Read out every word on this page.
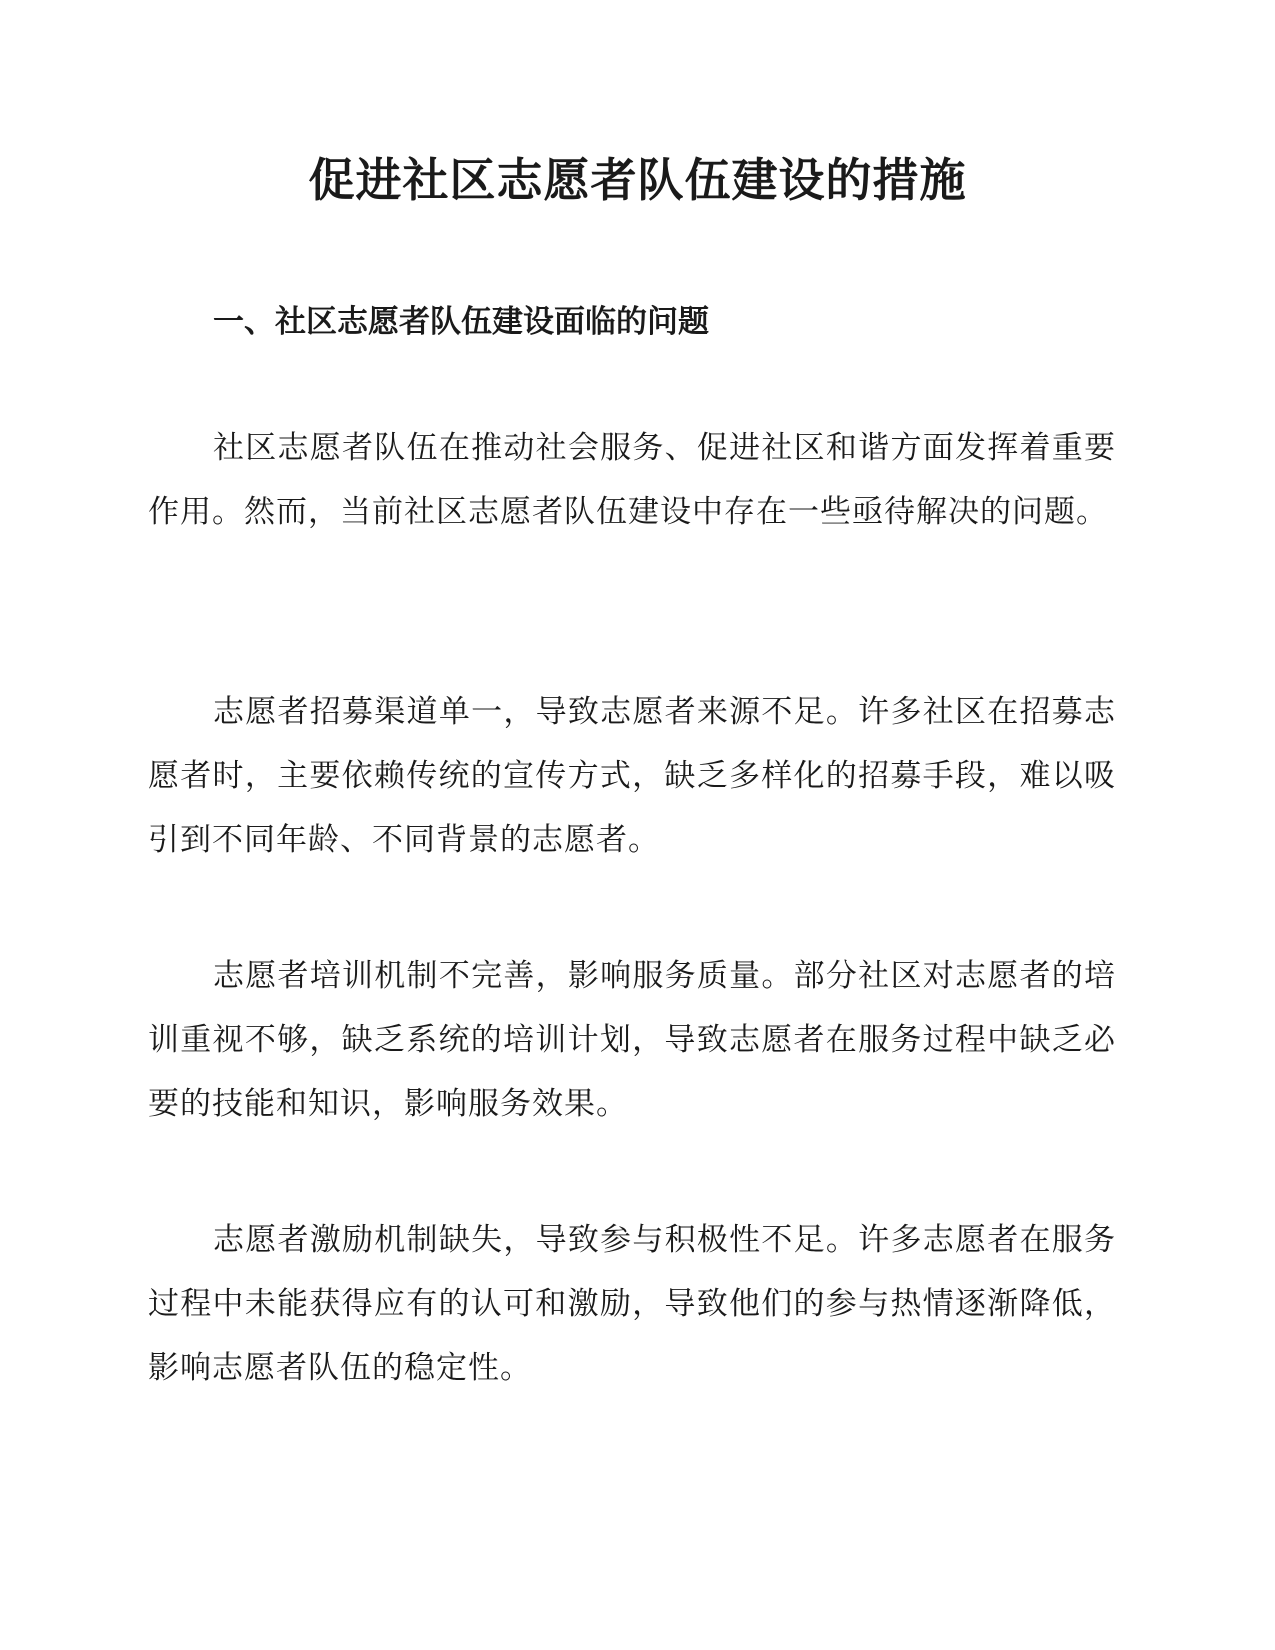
促进社区志愿者队伍建设的措施
一、社区志愿者队伍建设面临的问题

社区志愿者队伍在推动社会服务、促进社区和谐方面发挥着重要作用。然而，当前社区志愿者队伍建设中存在一些亟待解决的问题。

志愿者招募渠道单一，导致志愿者来源不足。许多社区在招募志愿者时，主要依赖传统的宣传方式，缺乏多样化的招募手段，难以吸引到不同年龄、不同背景的志愿者。

志愿者培训机制不完善，影响服务质量。部分社区对志愿者的培训重视不够，缺乏系统的培训计划，导致志愿者在服务过程中缺乏必要的技能和知识，影响服务效果。

志愿者激励机制缺失，导致参与积极性不足。许多志愿者在服务过程中未能获得应有的认可和激励，导致他们的参与热情逐渐降低，影响志愿者队伍的稳定性。
